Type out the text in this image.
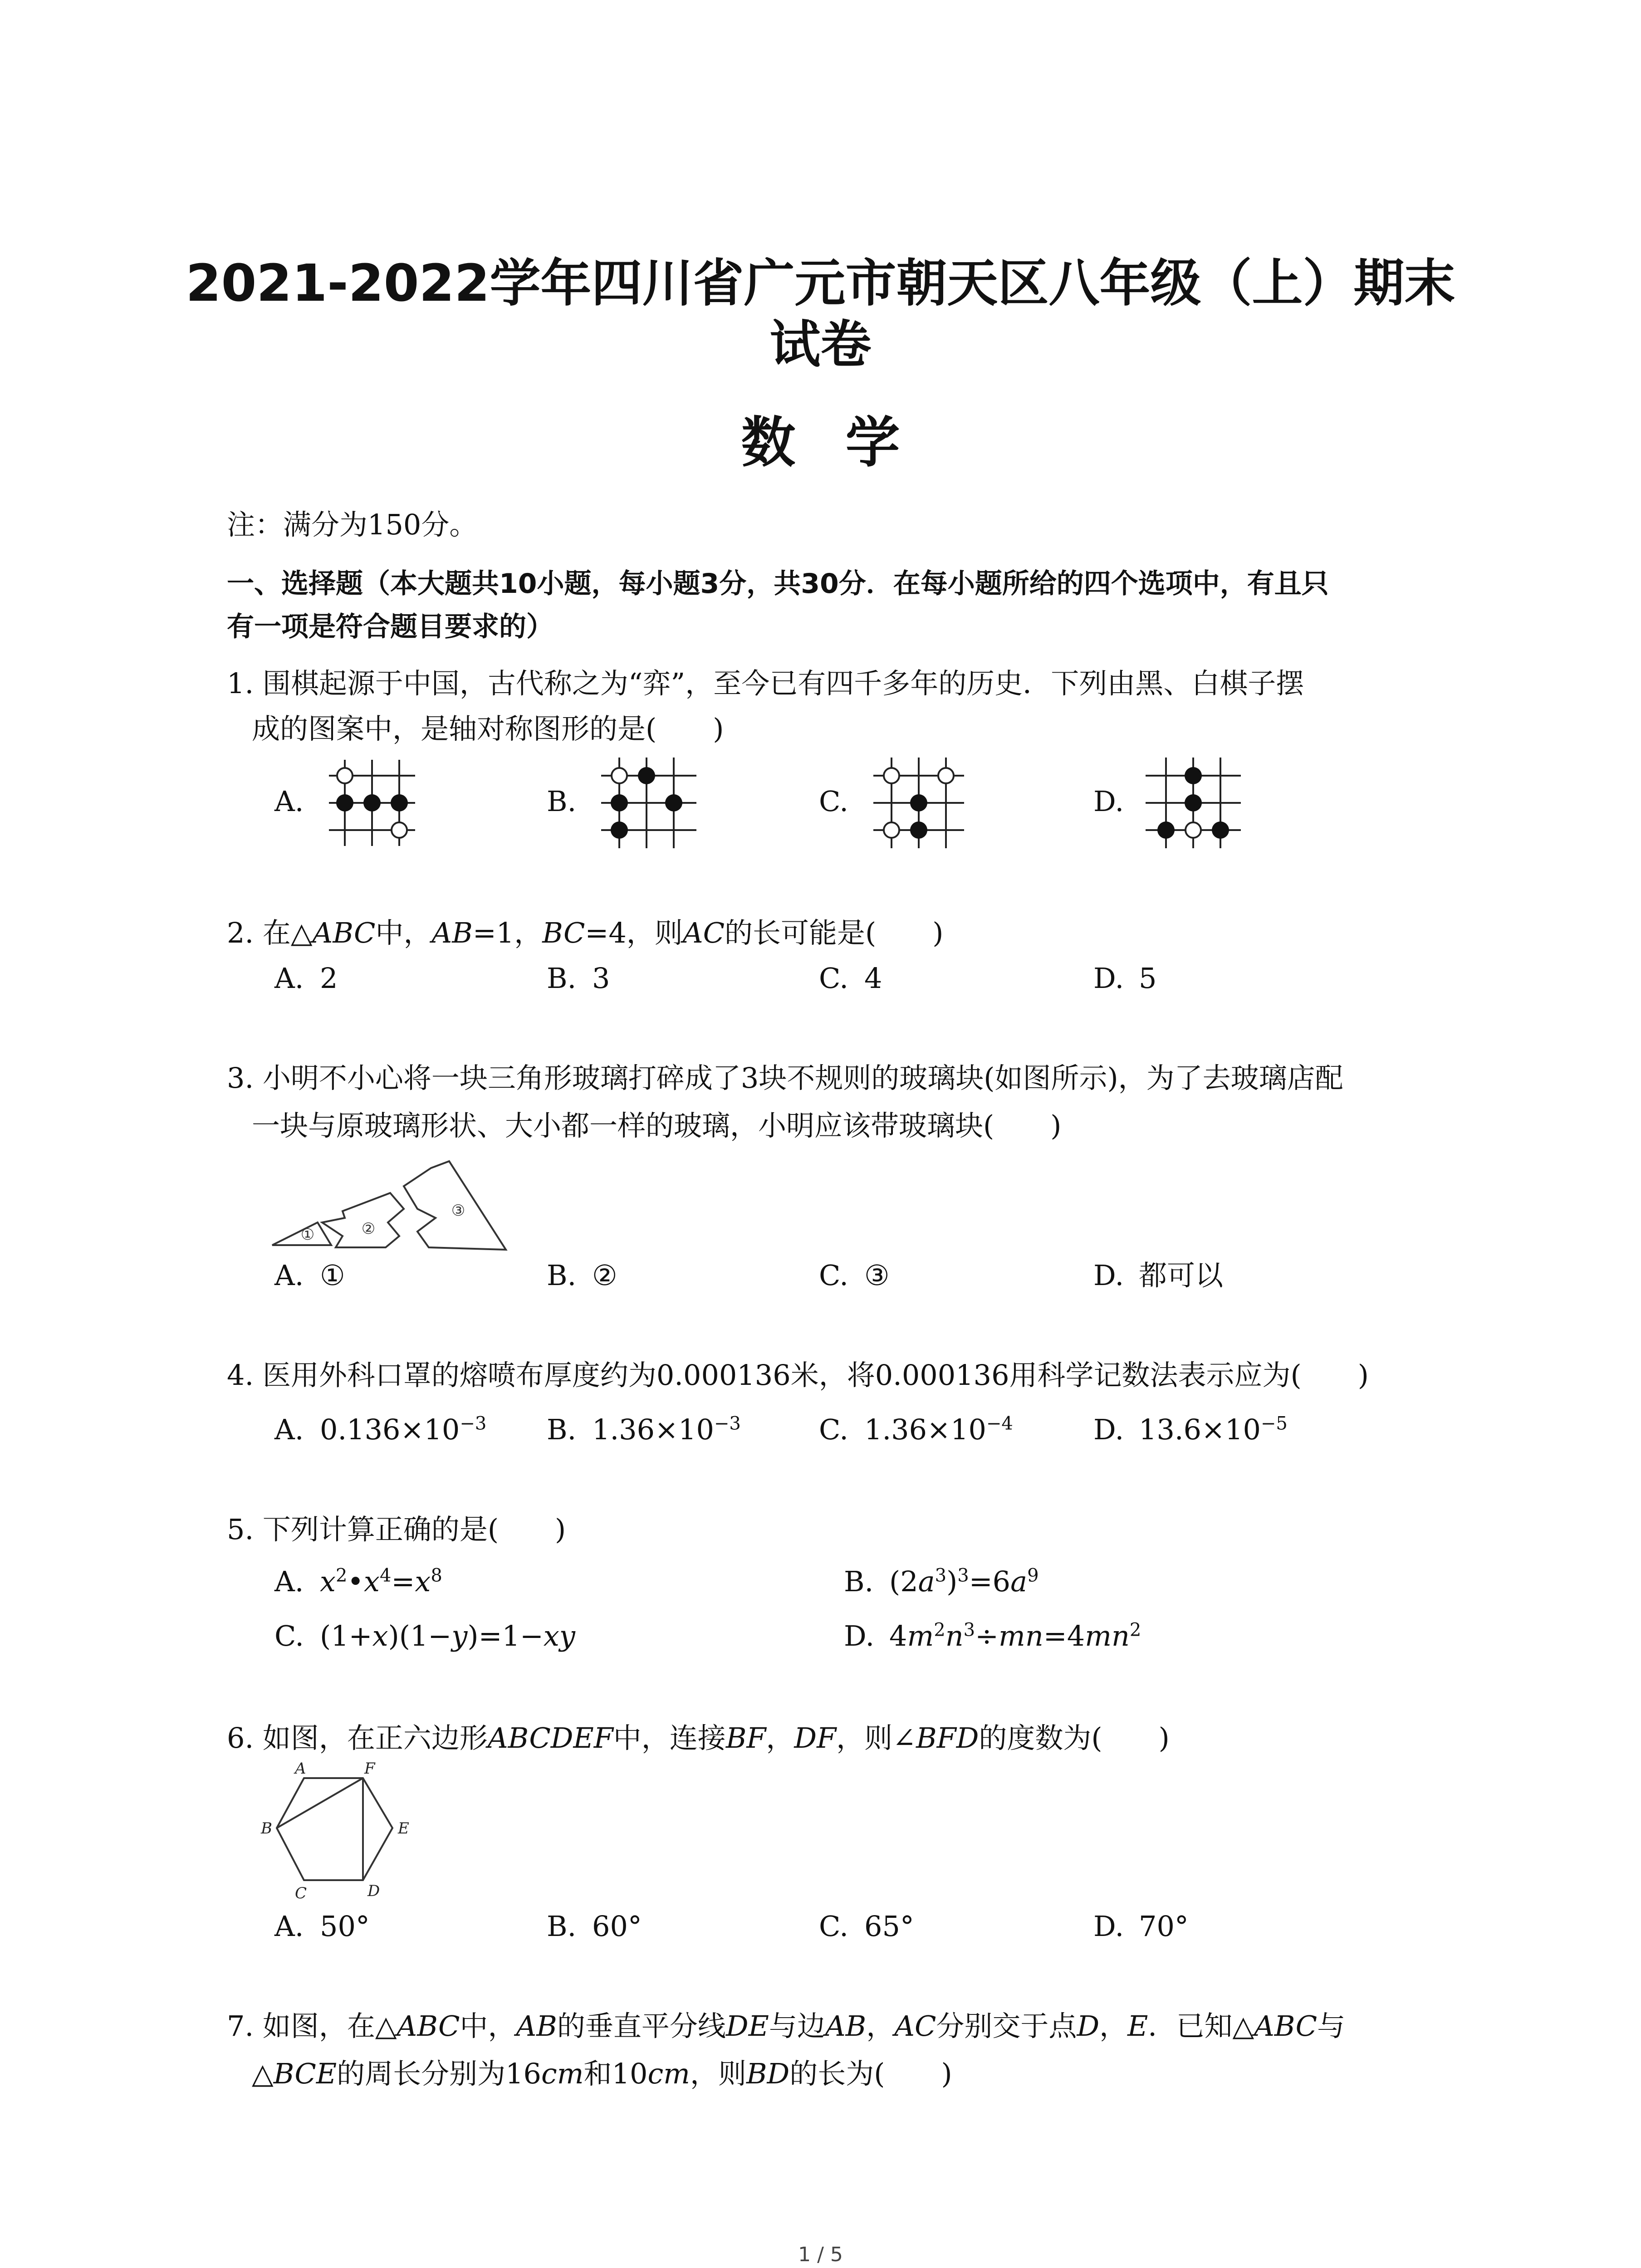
2021-2022学年四川省广元市朝天区八年级（上）期末
试卷
数学
注：满分为150分。
一、选择题（本大题共10小题，每小题3分，共30分．在每小题所给的四个选项中，有且只
有一项是符合题目要求的）
1. 围棋起源于中国，古代称之为“弈”，至今已有四千多年的历史．下列由黑、白棋子摆
成的图案中，是轴对称图形的是(　　)
A.	B.	C.	D.
2. 在△ABC中，AB=1，BC=4，则AC的长可能是(　　)
A. 2	B. 3	C. 4	D. 5
3. 小明不小心将一块三角形玻璃打碎成了3块不规则的玻璃块(如图所示)，为了去玻璃店配
一块与原玻璃形状、大小都一样的玻璃，小明应该带玻璃块(　　)
①	②
③
A. ①	B. ②	C. ③	D. 都可以
4. 医用外科口罩的熔喷布厚度约为0.000136米，将0.000136用科学记数法表示应为(　　)
A. $0.136\times 10^{-3}$ B. $1.36\times 10^{-3}$	C. $1.36\times 10^{-4}$	D. $13.6\times 10^{-5}$
5. 下列计算正确的是(　　)
A. $x^2•x^4=x^8$	B. $(2a^3)^3=6a^9$
C. (1+x)(1−y)=1−xy	D. $4m^2n^3\div mn=4mn^2$
6. 如图，在正六边形ABCDEF中，连接BF，DF，则∠BFD的度数为(　　)
A	F
B	E
C	D
A. 50°	B. 60°	C. 65°	D. 70°
7. 如图，在△ABC中，AB的垂直平分线DE与边AB，AC分别交于点D，E．已知△ABC与
△BCE的周长分别为16cm和10cm，则BD的长为(　　)
1 / 5
